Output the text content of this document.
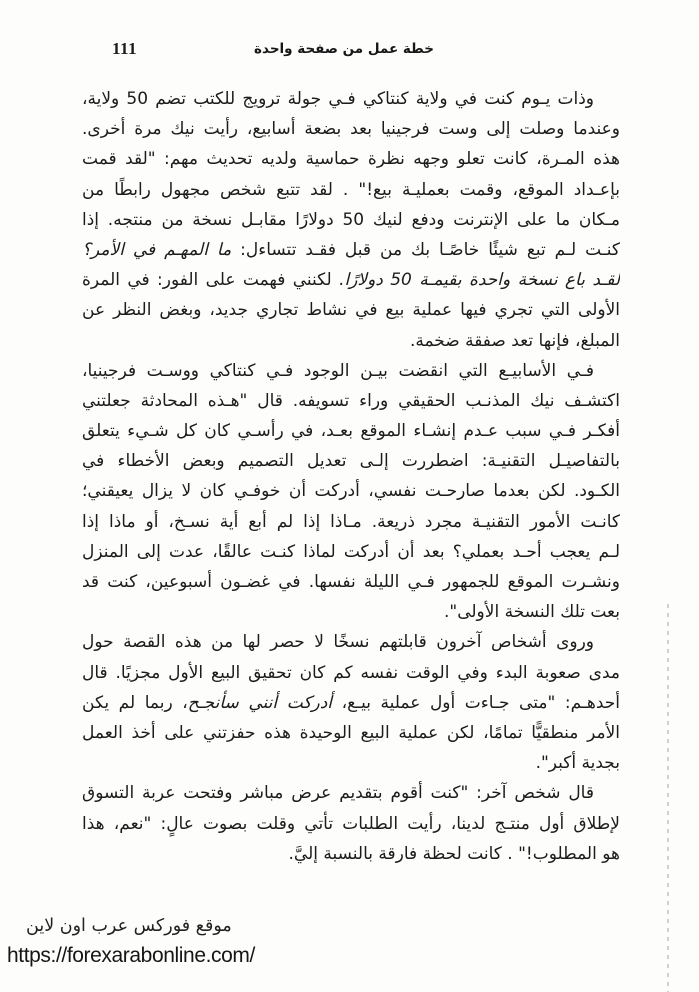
111	خطة عمل من صفحة واحدة
وذات يـوم كنت في ولاية كنتاكي فـي جولة ترويج للكتب تضم 50 ولاية،
وعندما وصلت إلى وست فرجينيا بعد بضعة أسابيع، رأيت نيك مرة أخرى.
هذه المـرة، كانت تعلو وجهه نظرة حماسية ولديه تحديث مهم: "لقد قمت
بإعـداد الموقع، وقمت بعمليـة بيع!" . لقد تتبع شخص مجهول رابطًا من
مـكان ما على الإنترنت ودفع لنيك 50 دولارًا مقابـل نسخة من منتجه. إذا
كنـت لـم تبع شيئًا خاصًـا بك من قبل فقـد تتساءل: ما المهـم في الأمر؟
لقـد باع نسخة واحدة بقيمـة 50 دولارًا. لكنني فهمت على الفور: في المرة
الأولى التي تجري فيها عملية بيع في نشاط تجاري جديد، وبغض النظر عن
المبلغ، فإنها تعد صفقة ضخمة.
فـي الأسابيـع التي انقضت بيـن الوجود فـي كنتاكي ووسـت فرجينيا،
اكتشـف نيك المذنـب الحقيقي وراء تسويفه. قال "هـذه المحادثة جعلتني
أفكـر فـي سبب عـدم إنشـاء الموقع بعـد، في رأسـي كان كل شـيء يتعلق
بالتفاصيـل التقنيـة: اضطررت إلـى تعديل التصميم وبعض الأخطاء في
الكـود. لكن بعدما صارحـت نفسي، أدركت أن خوفـي كان لا يزال يعيقني؛
كانـت الأمور التقنيـة مجرد ذريعة. مـاذا إذا لم أبع أية نسـخ، أو ماذا إذا
لـم يعجب أحـد بعملي؟ بعد أن أدركت لماذا كنـت عالقًا، عدت إلى المنزل
ونشـرت الموقع للجمهور فـي الليلة نفسها. في غضـون أسبوعين، كنت قد
بعت تلك النسخة الأولى".
وروى أشخاص آخرون قابلتهم نسخًا لا حصر لها من هذه القصة حول
مدى صعوبة البدء وفي الوقت نفسه كم كان تحقيق البيع الأول مجزيًا. قال
أحدهـم: "متى جـاءت أول عملية بيـع، أدركت أنني سأنجـح، ربما لم يكن
الأمر منطقيًّا تمامًا، لكن عملية البيع الوحيدة هذه حفزتني على أخذ العمل
بجدية أكبر".
قال شخص آخر: "كنت أقوم بتقديم عرض مباشر وفتحت عربة التسوق
لإطلاق أول منتـج لدينا، رأيت الطلبات تأتي وقلت بصوت عالٍ: "نعم، هذا
هو المطلوب!" . كانت لحظة فارقة بالنسبة إليَّ.
موقع فوركس عرب اون لاين
https://forexarabonline.com/
